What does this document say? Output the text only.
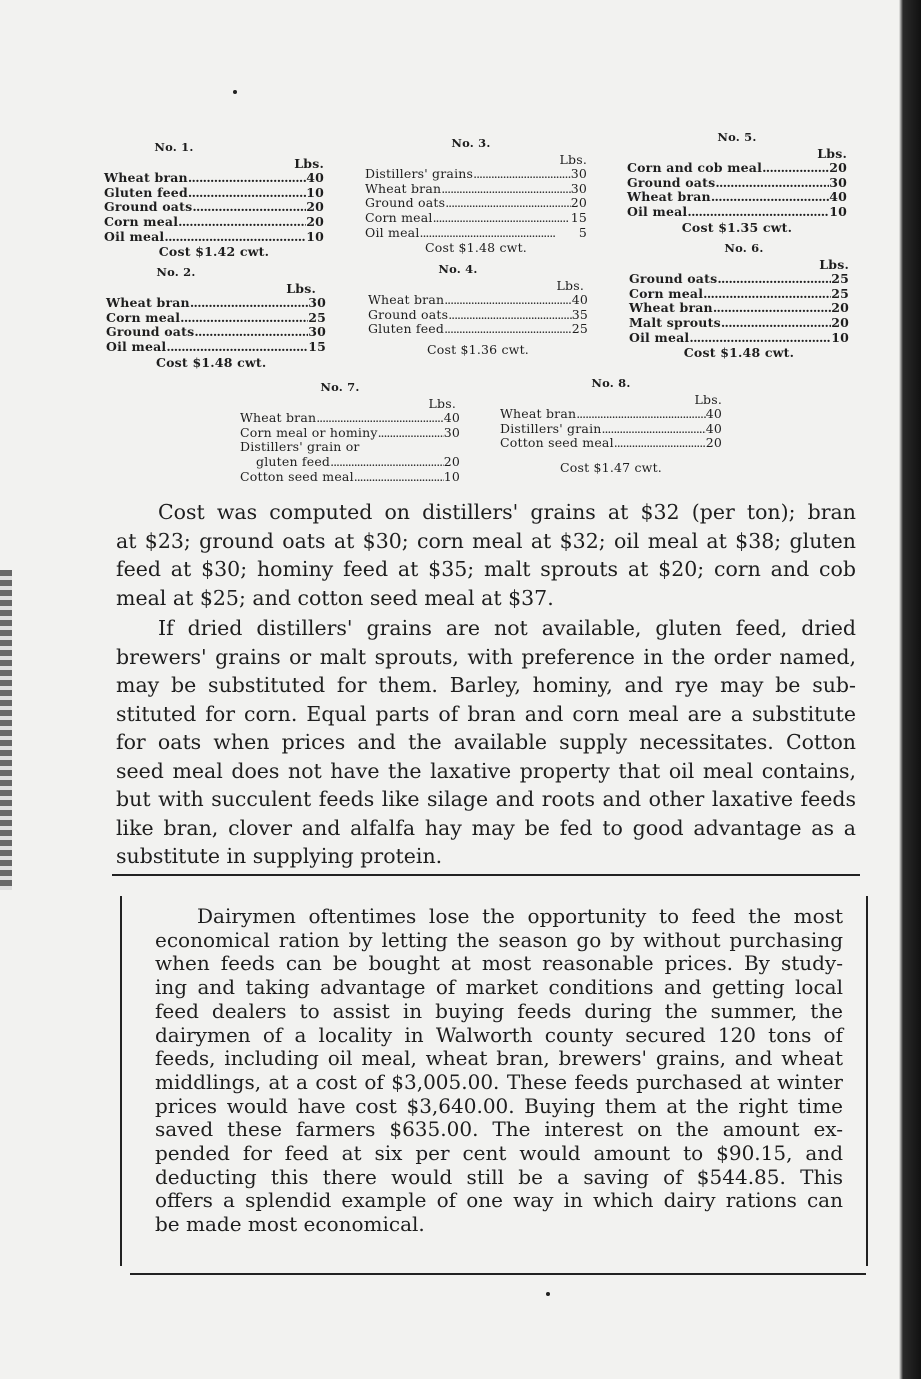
No. 1.
Lbs.
Wheat bran . . .	40
Gluten feed . . .	10
Ground oats . . .	20
Corn meal . . .	20
Oil meal . . .	10
Cost $1.42 cwt.
No. 2.
Lbs.
Wheat bran . . .	30
Corn meal . . .	25
Ground oats . . .	30
Oil meal . . .	15
Cost $1.48 cwt.
No. 3.
Lbs.
Distillers' grains . . .	30
Wheat bran . . .	30
Ground oats . . .	20
Corn meal . . .	15
Oil meal . . .	5
Cost $1.48 cwt.
No. 4.
Lbs.
Wheat bran . . .	40
Ground oats . . .	35
Gluten feed . . .	25
Cost $1.36 cwt.
No. 5.
Lbs.
Corn and cob meal . . .	20
Ground oats . . .	30
Wheat bran . . .	40
Oil meal . . .	10
Cost $1.35 cwt.
No. 6.
Lbs.
Ground oats . . .	25
Corn meal . . .	25
Wheat bran . . .	20
Malt sprouts . . .	20
Oil meal . . .	10
Cost $1.48 cwt.
No. 7.
Lbs.
Wheat bran . . .	40
Corn meal or hominy . . .	30
Distillers' grain or
gluten feed . . .	20
Cotton seed meal . . .	10
No. 8.
Lbs.
Wheat bran . . .	40
Distillers' grain . . .	40
Cotton seed meal . . .	20
Cost $1.47 cwt.
Cost was computed on distillers' grains at $32 (per ton); bran
at $23; ground oats at $30; corn meal at $32; oil meal at $38; gluten
feed at $30; hominy feed at $35; malt sprouts at $20; corn and cob
meal at $25; and cotton seed meal at $37.
If dried distillers' grains are not available, gluten feed, dried
brewers' grains or malt sprouts, with preference in the order named,
may be substituted for them. Barley, hominy, and rye may be sub-
stituted for corn. Equal parts of bran and corn meal are a substitute
for oats when prices and the available supply necessitates. Cotton
seed meal does not have the laxative property that oil meal contains,
but with succulent feeds like silage and roots and other laxative feeds
like bran, clover and alfalfa hay may be fed to good advantage as a
substitute in supplying protein.
Dairymen oftentimes lose the opportunity to feed the most
economical ration by letting the season go by without purchasing
when feeds can be bought at most reasonable prices. By study-
ing and taking advantage of market conditions and getting local
feed dealers to assist in buying feeds during the summer, the
dairymen of a locality in Walworth county secured 120 tons of
feeds, including oil meal, wheat bran, brewers' grains, and wheat
middlings, at a cost of $3,005.00. These feeds purchased at winter
prices would have cost $3,640.00. Buying them at the right time
saved these farmers $635.00. The interest on the amount ex-
pended for feed at six per cent would amount to $90.15, and
deducting this there would still be a saving of $544.85. This
offers a splendid example of one way in which dairy rations can
be made most economical.
